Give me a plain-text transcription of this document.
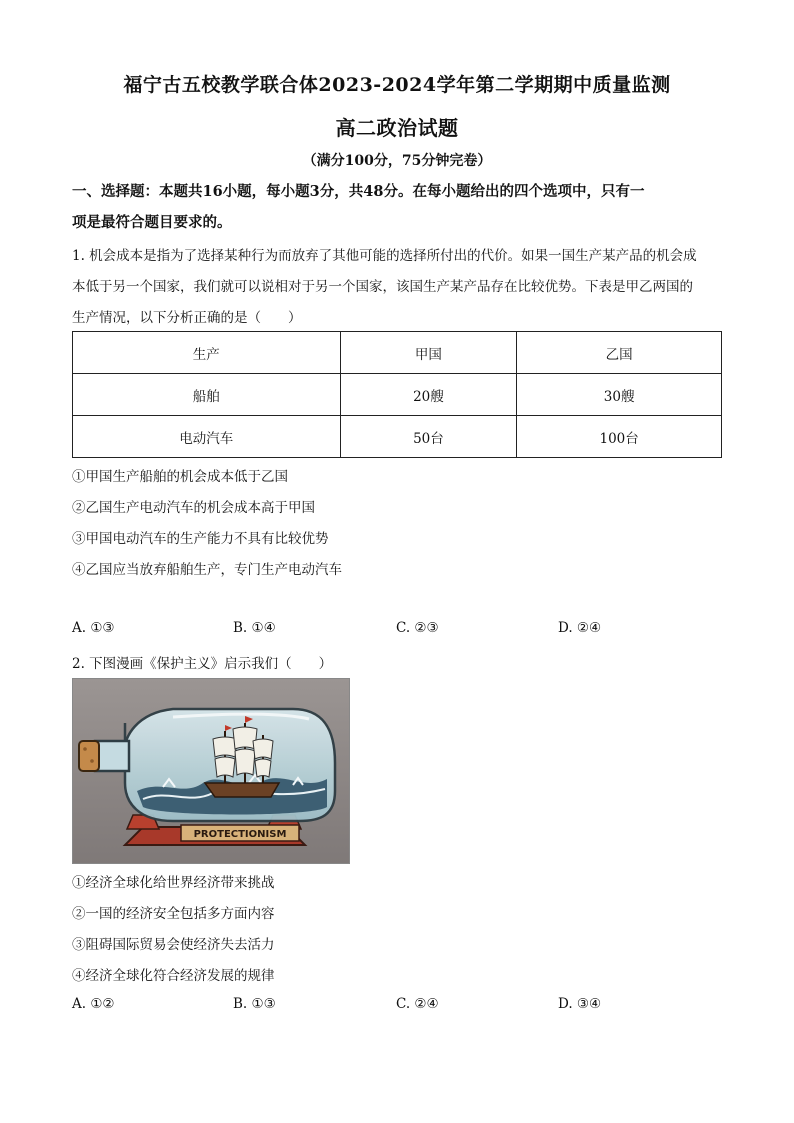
福宁古五校教学联合体2023-2024学年第二学期期中质量监测
高二政治试题
（满分100分，75分钟完卷）
一、选择题：本题共16小题，每小题3分，共48分。在每小题给出的四个选项中，只有一
项是最符合题目要求的。
1. 机会成本是指为了选择某种行为而放弃了其他可能的选择所付出的代价。如果一国生产某产品的机会成
本低于另一个国家，我们就可以说相对于另一个国家，该国生产某产品存在比较优势。下表是甲乙两国的
生产情况，以下分析正确的是（　　）
生产	甲国	乙国
船舶	20艘	30艘
电动汽车	50台	100台
①甲国生产船舶的机会成本低于乙国
②乙国生产电动汽车的机会成本高于甲国
③甲国电动汽车的生产能力不具有比较优势
④乙国应当放弃船舶生产，专门生产电动汽车
A. ①③	B. ①④	C. ②③	D. ②④
2. 下图漫画《保护主义》启示我们（　　）
PROTECTIONISM
①经济全球化给世界经济带来挑战
②一国的经济安全包括多方面内容
③阻碍国际贸易会使经济失去活力
④经济全球化符合经济发展的规律
A. ①②	B. ①③	C. ②④	D. ③④
